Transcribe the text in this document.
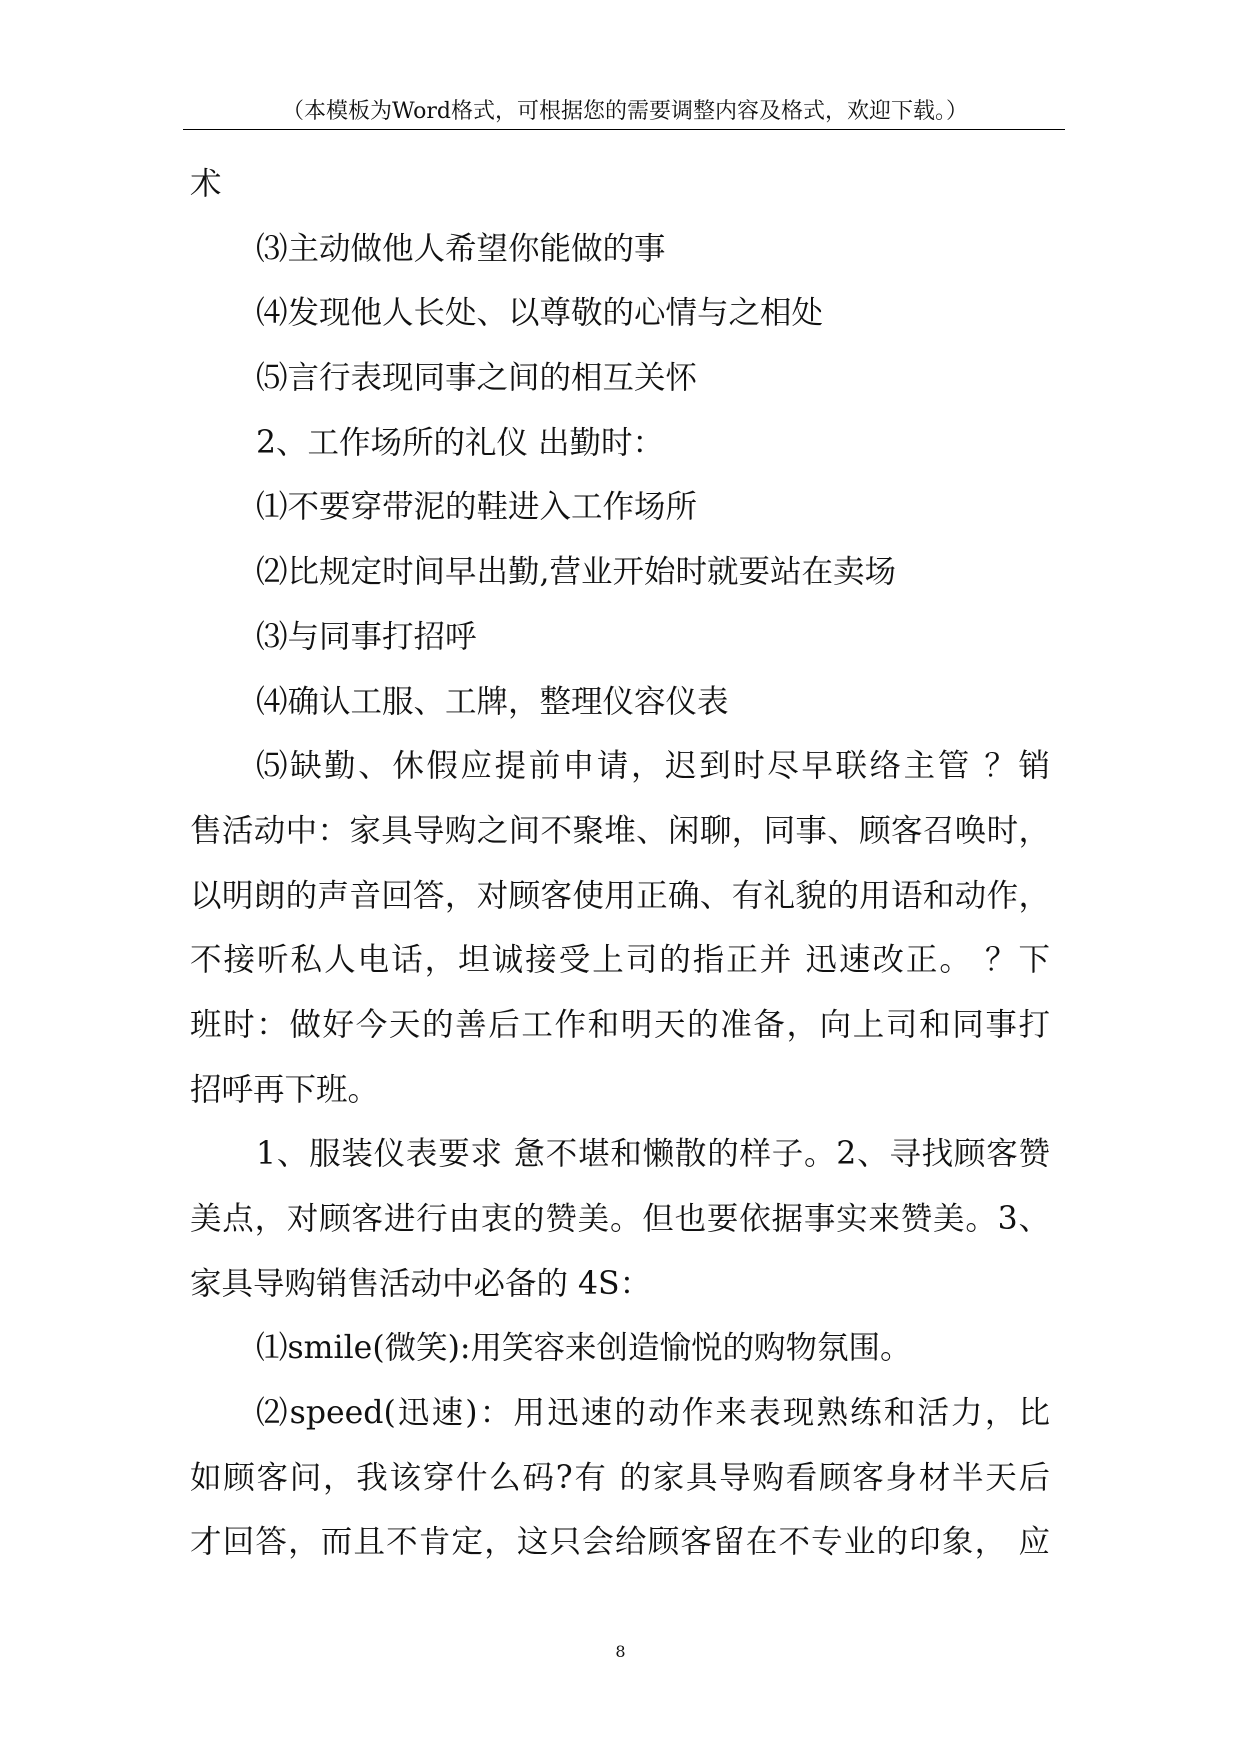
（本模板为Word格式，可根据您的需要调整内容及格式，欢迎下载。）
术
⑶主动做他人希望你能做的事
⑷发现他人长处、以尊敬的心情与之相处
⑸言行表现同事之间的相互关怀
2、工作场所的礼仪 出勤时：
⑴不要穿带泥的鞋进入工作场所
⑵比规定时间早出勤,营业开始时就要站在卖场
⑶与同事打招呼
⑷确认工服、工牌，整理仪容仪表
⑸缺勤、休假应提前申请，迟到时尽早联络主管 ？销
售活动中：家具导购之间不聚堆、闲聊，同事、顾客召唤时，
以明朗的声音回答，对顾客使用正确、有礼貌的用语和动作，
不接听私人电话，坦诚接受上司的指正并 迅速改正。 ？下
班时：做好今天的善后工作和明天的准备，向上司和同事打
招呼再下班。
1、服装仪表要求 惫不堪和懒散的样子。2、寻找顾客赞
美点，对顾客进行由衷的赞美。但也要依据事实来赞美。3、
家具导购销售活动中必备的 4S：
⑴smile(微笑):用笑容来创造愉悦的购物氛围。
⑵speed(迅速)：用迅速的动作来表现熟练和活力，比
如顾客问，我该穿什么码?有 的家具导购看顾客身材半天后
才回答，而且不肯定，这只会给顾客留在不专业的印象， 应
8
